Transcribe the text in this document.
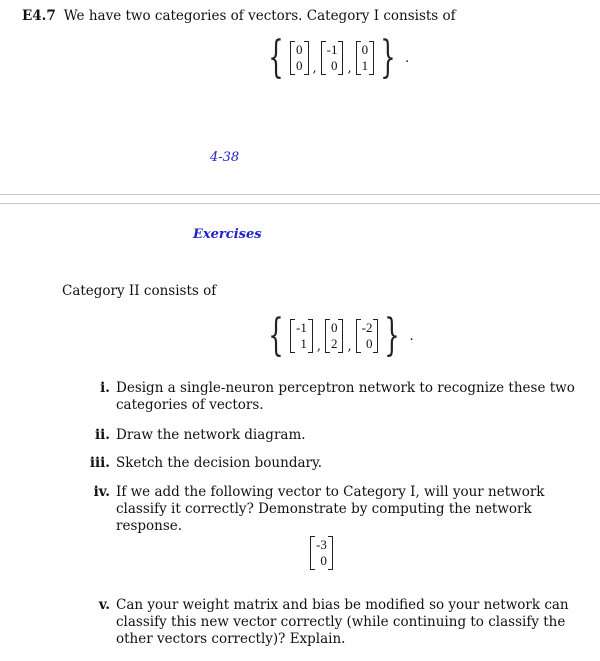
E4.7 We have two categories of vectors. Category I consists of
{ 0
0 ,
-1
0 ,
0
1 } .
4-38
Exercises
Category II consists of
{ -1
1 ,
0
2 ,
-2
0 } .
i. Design a single-neuron perceptron network to recognize these two categories of vectors.
ii. Draw the network diagram.
iii. Sketch the decision boundary.
iv. If we add the following vector to Category I, will your network classify it correctly? Demonstrate by computing the network response.
-3
0
v. Can your weight matrix and bias be modified so your network can classify this new vector correctly (while continuing to classify the other vectors correctly)? Explain.
